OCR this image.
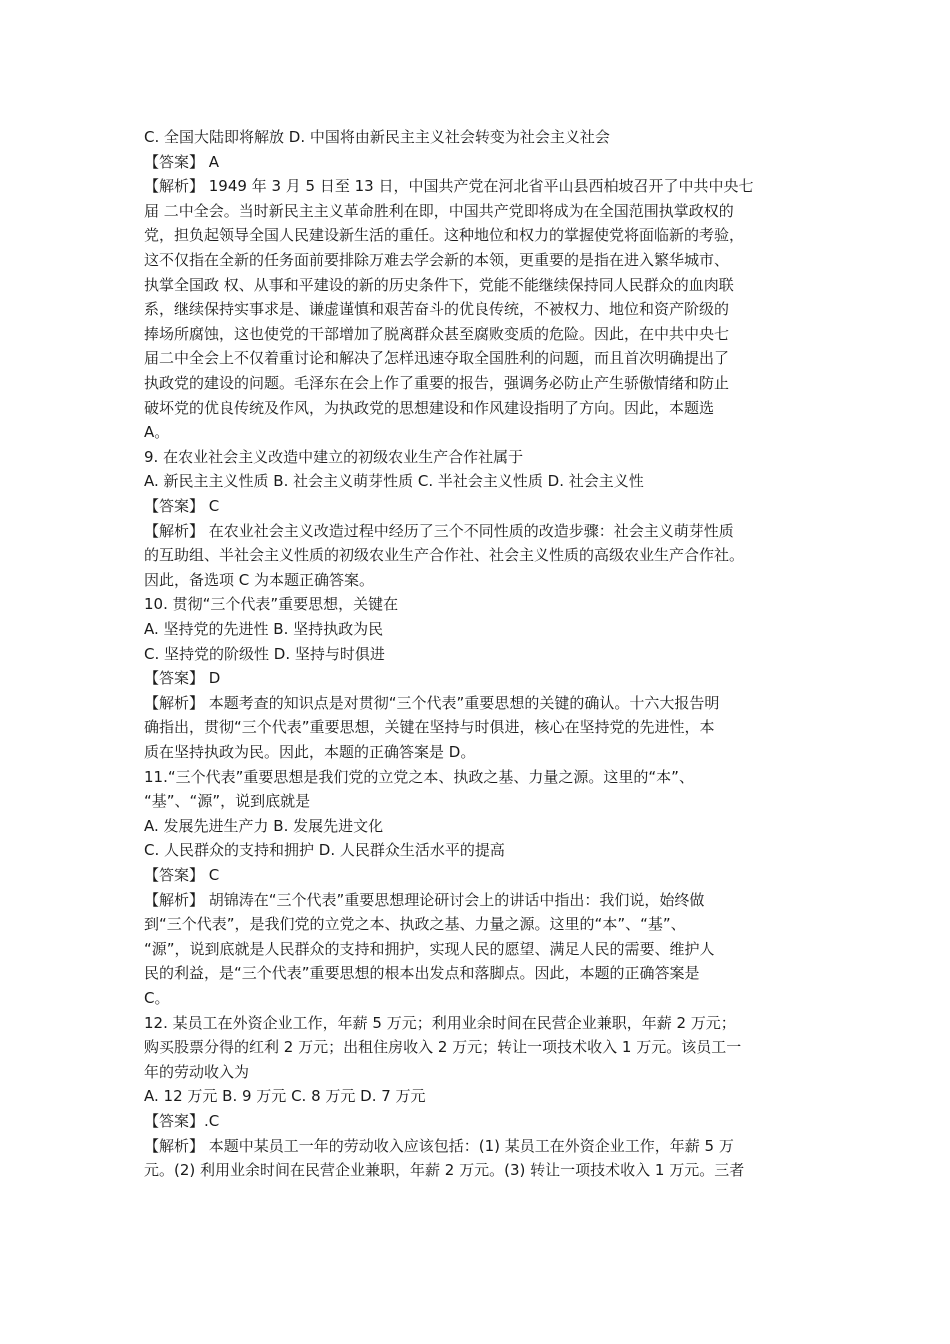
C. 全国大陆即将解放 D. 中国将由新民主主义社会转变为社会主义社会
【答案】 A
【解析】 1949 年 3 月 5 日至 13 日，中国共产党在河北省平山县西柏坡召开了中共中央七
届 二中全会。当时新民主主义革命胜利在即，中国共产党即将成为在全国范围执掌政权的
党，担负起领导全国人民建设新生活的重任。这种地位和权力的掌握使党将面临新的考验，
这不仅指在全新的任务面前要排除万难去学会新的本领，更重要的是指在进入繁华城市、
执掌全国政 权、从事和平建设的新的历史条件下，党能不能继续保持同人民群众的血肉联
系，继续保持实事求是、谦虚谨慎和艰苦奋斗的优良传统，不被权力、地位和资产阶级的
捧场所腐蚀，这也使党的干部增加了脱离群众甚至腐败变质的危险。因此，在中共中央七
届二中全会上不仅着重讨论和解决了怎样迅速夺取全国胜利的问题，而且首次明确提出了
执政党的建设的问题。毛泽东在会上作了重要的报告，强调务必防止产生骄傲情绪和防止
破坏党的优良传统及作风，为执政党的思想建设和作风建设指明了方向。因此，本题选
A。
9. 在农业社会主义改造中建立的初级农业生产合作社属于
A. 新民主主义性质 B. 社会主义萌芽性质 C. 半社会主义性质 D. 社会主义性
【答案】 C
【解析】 在农业社会主义改造过程中经历了三个不同性质的改造步骤：社会主义萌芽性质
的互助组、半社会主义性质的初级农业生产合作社、社会主义性质的高级农业生产合作社。
因此，备选项 C 为本题正确答案。
10. 贯彻“三个代表”重要思想，关键在
A. 坚持党的先进性 B. 坚持执政为民
C. 坚持党的阶级性 D. 坚持与时俱进
【答案】 D
【解析】 本题考查的知识点是对贯彻“三个代表”重要思想的关键的确认。十六大报告明
确指出，贯彻“三个代表”重要思想，关键在坚持与时俱进，核心在坚持党的先进性，本
质在坚持执政为民。因此，本题的正确答案是 D。
11.“三个代表”重要思想是我们党的立党之本、执政之基、力量之源。这里的“本”、
“基”、“源”，说到底就是
A. 发展先进生产力 B. 发展先进文化
C. 人民群众的支持和拥护 D. 人民群众生活水平的提高
【答案】 C
【解析】 胡锦涛在“三个代表”重要思想理论研讨会上的讲话中指出：我们说，始终做
到“三个代表”，是我们党的立党之本、执政之基、力量之源。这里的“本”、“基”、
“源”，说到底就是人民群众的支持和拥护，实现人民的愿望、满足人民的需要、维护人
民的利益，是“三个代表”重要思想的根本出发点和落脚点。因此，本题的正确答案是
C。
12. 某员工在外资企业工作，年薪 5 万元；利用业余时间在民营企业兼职，年薪 2 万元；
购买股票分得的红利 2 万元；出租住房收入 2 万元；转让一项技术收入 1 万元。该员工一
年的劳动收入为
A. 12 万元 B. 9 万元 C. 8 万元 D. 7 万元
【答案】.C
【解析】 本题中某员工一年的劳动收入应该包括：(1) 某员工在外资企业工作，年薪 5 万
元。(2) 利用业余时间在民营企业兼职，年薪 2 万元。(3) 转让一项技术收入 1 万元。三者
